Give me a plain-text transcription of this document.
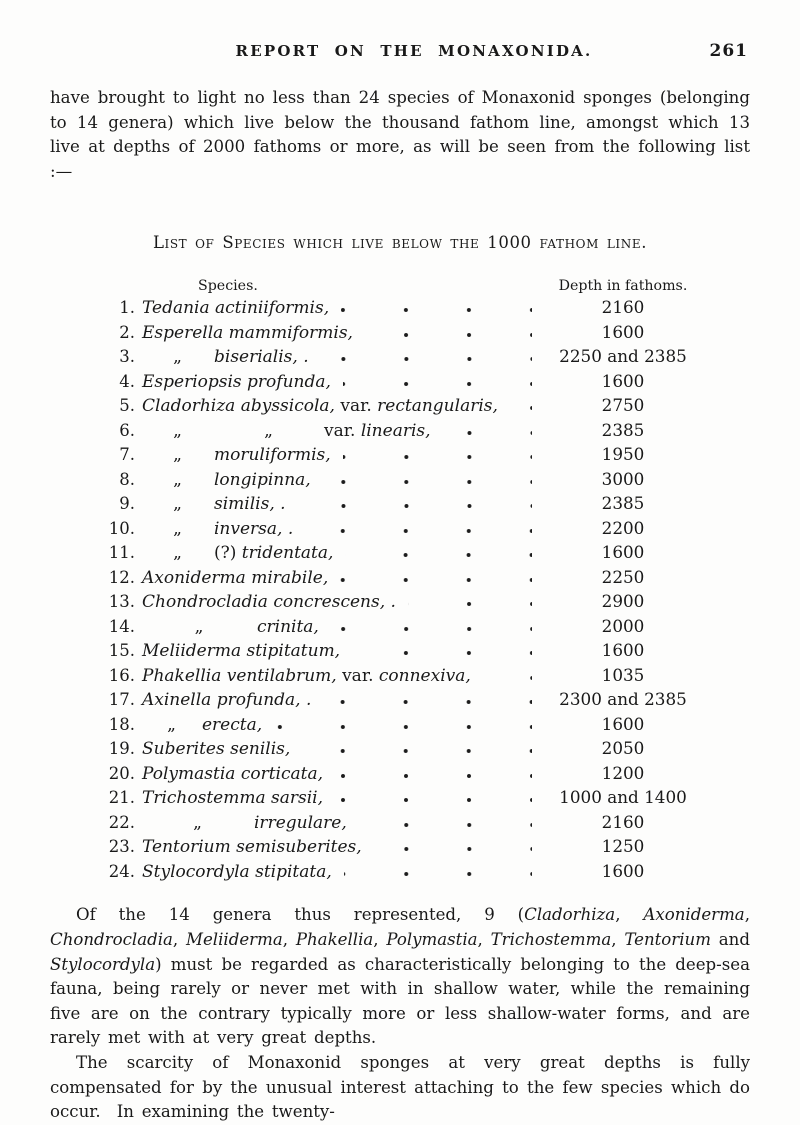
REPORT ON THE MONAXONIDA.	261

have brought to light no less than 24 species of Monaxonid sponges (belonging to 14 genera) which live below the thousand fathom line, amongst which 13 live at depths of 2000 fathoms or more, as will be seen from the following list :—

List of Species which live below the 1000 fathom line.
Species.	Depth in fathoms.
1. Tedania actiniiformis,	2160
2. Esperella mammiformis,	1600
3.	„ biserialis, .	2250 and 2385
4. Esperiopsis profunda,	1600
5. Cladorhiza abyssicola, var. rectangularis,	2750
6.	„	„	var. linearis,	2385
7.	„ moruliformis,	1950
8.	„ longipinna,	3000
9.	„ similis, .	2385
10.	„ inversa, .	2200
11.	„ (?) tridentata,	1600
12. Axoniderma mirabile,	2250
13. Chondrocladia concrescens, .	2900
14.	„	crinita,	2000
15. Meliiderma stipitatum,	1600
16. Phakellia ventilabrum, var. connexiva,	1035
17. Axinella profunda, .	2300 and 2385
18.	„ erecta,	1600
19. Suberites senilis,	2050
20. Polymastia corticata,	1200
21. Trichostemma sarsii,	1000 and 1400
22.	„	irregulare,	2160
23. Tentorium semisuberites,	1250
24. Stylocordyla stipitata,	1600

Of the 14 genera thus represented, 9 (Cladorhiza, Axoniderma, Chondrocladia, Meliiderma, Phakellia, Polymastia, Trichostemma, Tentorium and Stylocordyla) must be regarded as characteristically belonging to the deep-sea fauna, being rarely or never met with in shallow water, while the remaining five are on the contrary typically more or less shallow-water forms, and are rarely met with at very great depths.

The scarcity of Monaxonid sponges at very great depths is fully compensated for by the unusual interest attaching to the few species which do occur.  In examining the twenty-
